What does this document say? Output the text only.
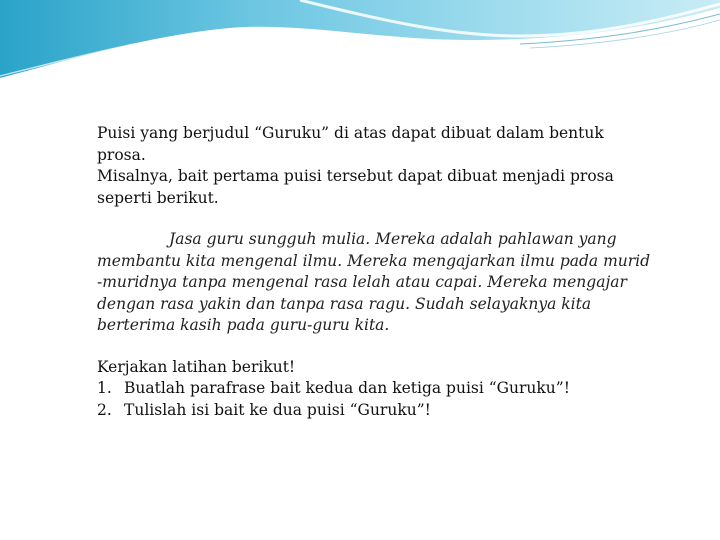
Puisi yang berjudul “Guruku” di atas dapat dibuat dalam bentuk prosa.

Misalnya, bait pertama puisi tersebut dapat dibuat menjadi prosa seperti berikut.

Jasa guru sungguh mulia. Mereka adalah pahlawan yang membantu kita mengenal ilmu. Mereka mengajarkan ilmu pada murid -muridnya tanpa mengenal rasa lelah atau capai. Mereka mengajar dengan rasa yakin dan tanpa rasa ragu. Sudah selayaknya kita berterima kasih pada guru-guru kita.

Kerjakan latihan berikut!

1. Buatlah parafrase bait kedua dan ketiga puisi “Guruku”!

2. Tulislah isi bait ke dua puisi “Guruku”!
